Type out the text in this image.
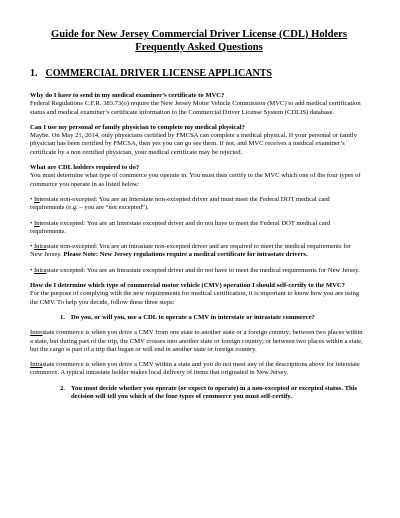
Guide for New Jersey Commercial Driver License (CDL) Holders
Frequently Asked Questions
1. COMMERCIAL DRIVER LICENSE APPLICANTS

Why do I have to send in my medical examiner’s certificate to MVC?

Federal Regulations C.F.R. 383.73(o) require the New Jersey Motor Vehicle Commission (MVC) to add medical certification status and medical examiner’s certificate information to the Commercial Driver License System (CDLIS) database.

Can I use my personal or family physician to complete my medical physical?

Maybe. On May 21, 2014, only physicians certified by FMCSA can complete a medical physical. If your personal or family physician has been certified by FMCSA, then yes you can go see them. If not, and MVC receives a medical examiner’s certificate by a non certified physician, your medical certificate may be rejected.

What are CDL holders required to do?

You must determine what type of commerce you operate in. You must then certify to the MVC which one of the four types of commerce you operate in as listed below:

• Interstate non-excepted: You are an Interstate non-excepted driver and must meet the Federal DOT medical card requirements (e.g. – you are “not excepted”).
• Interstate excepted: You are an Interstate excepted driver and do not have to meet the Federal DOT medical card requirements.
• Intrastate non-excepted: You are an intrastate non-excepted driver and are required to meet the medical requirements for New Jersey. Please Note: New Jersey regulations require a medical certificate for intrastate drivers.
• Intrastate excepted: You are an Intrastate excepted driver and do not have to meet the medical requirements for New Jersey.

How do I determine which type of commercial motor vehicle (CMV) operation I should self-certify to the MVC?

For the purpose of complying with the new requirements for medical certification, it is important to know how you are using the CMV. To help you decide, follow these three steps:

1. Do you, or will you, use a CDL to operate a CMV in interstate or intrastate commerce?
Interstate commerce is when you drive a CMV from one state to another state or a foreign country; between two places within a state, but during part of the trip, the CMV crosses into another state or foreign country; or between two places within a state, but the cargo is part of a trip that began or will end in another state or foreign country.
Intrastate commerce is when you drive a CMV within a state and you do not meet any of the descriptions above for interstate commerce. A typical intrastate holder makes local delivery of items that originated in New Jersey.
2. You must decide whether you operate (or expect to operate) in a non-excepted or excepted status. This decision will tell you which of the four types of commerce you must self-certify.
